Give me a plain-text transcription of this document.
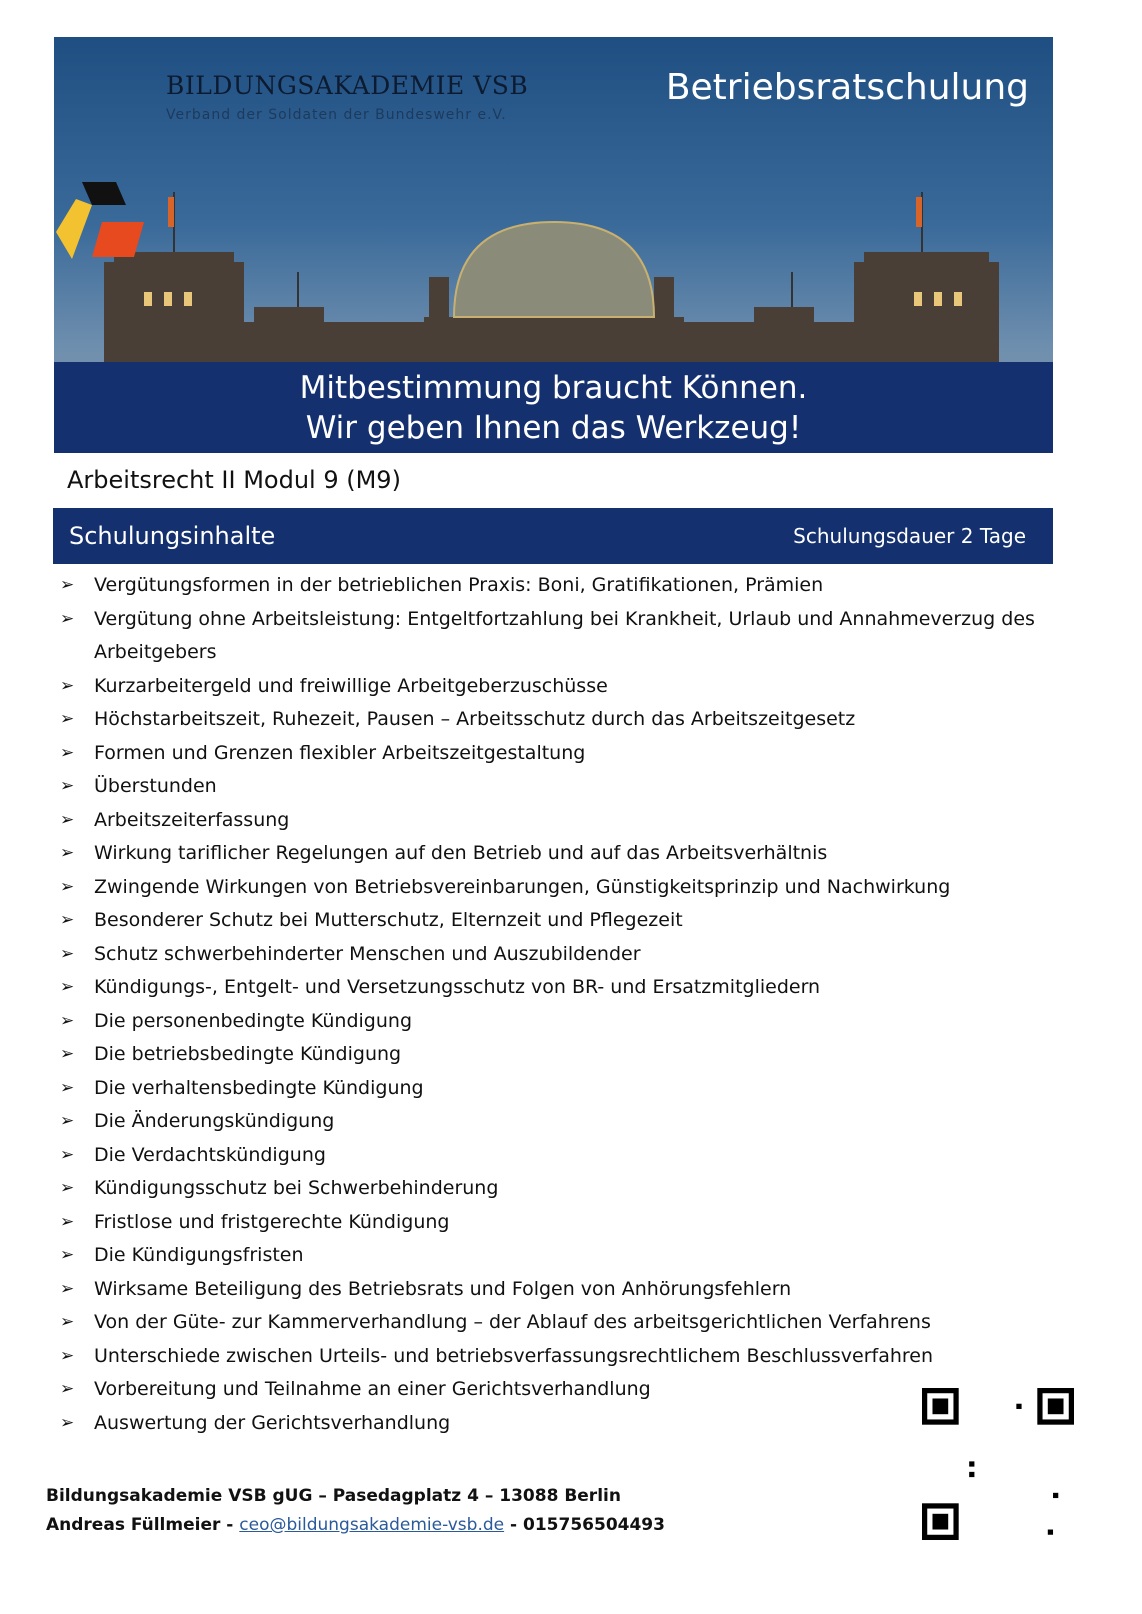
BILDUNGSAKADEMIE VSB
Verband der Soldaten der Bundeswehr e.V.
Betriebsratschulung
Mitbestimmung braucht Können.
Wir geben Ihnen das Werkzeug!
Arbeitsrecht II Modul 9 (M9)
Schulungsinhalte	Schulungsdauer 2 Tage
➢ Vergütungsformen in der betrieblichen Praxis: Boni, Gratifikationen, Prämien
➢ Vergütung ohne Arbeitsleistung: Entgeltfortzahlung bei Krankheit, Urlaub und Annahmeverzug des Arbeitgebers
➢ Kurzarbeitergeld und freiwillige Arbeitgeberzuschüsse
➢ Höchstarbeitszeit, Ruhezeit, Pausen – Arbeitsschutz durch das Arbeitszeitgesetz
➢ Formen und Grenzen flexibler Arbeitszeitgestaltung
➢ Überstunden
➢ Arbeitszeiterfassung
➢ Wirkung tariflicher Regelungen auf den Betrieb und auf das Arbeitsverhältnis
➢ Zwingende Wirkungen von Betriebsvereinbarungen, Günstigkeitsprinzip und Nachwirkung
➢ Besonderer Schutz bei Mutterschutz, Elternzeit und Pflegezeit
➢ Schutz schwerbehinderter Menschen und Auszubildender
➢ Kündigungs-, Entgelt- und Versetzungsschutz von BR- und Ersatzmitgliedern
➢ Die personenbedingte Kündigung
➢ Die betriebsbedingte Kündigung
➢ Die verhaltensbedingte Kündigung
➢ Die Änderungskündigung
➢ Die Verdachtskündigung
➢ Kündigungsschutz bei Schwerbehinderung
➢ Fristlose und fristgerechte Kündigung
➢ Die Kündigungsfristen
➢ Wirksame Beteiligung des Betriebsrats und Folgen von Anhörungsfehlern
➢ Von der Güte- zur Kammerverhandlung – der Ablauf des arbeitsgerichtlichen Verfahrens
➢ Unterschiede zwischen Urteils- und betriebsverfassungsrechtlichem Beschlussverfahren
➢ Vorbereitung und Teilnahme an einer Gerichtsverhandlung
➢ Auswertung der Gerichtsverhandlung
Bildungsakademie VSB gUG – Pasedagplatz 4 – 13088 Berlin
Andreas Füllmeier - ceo@bildungsakademie-vsb.de - 015756504493
